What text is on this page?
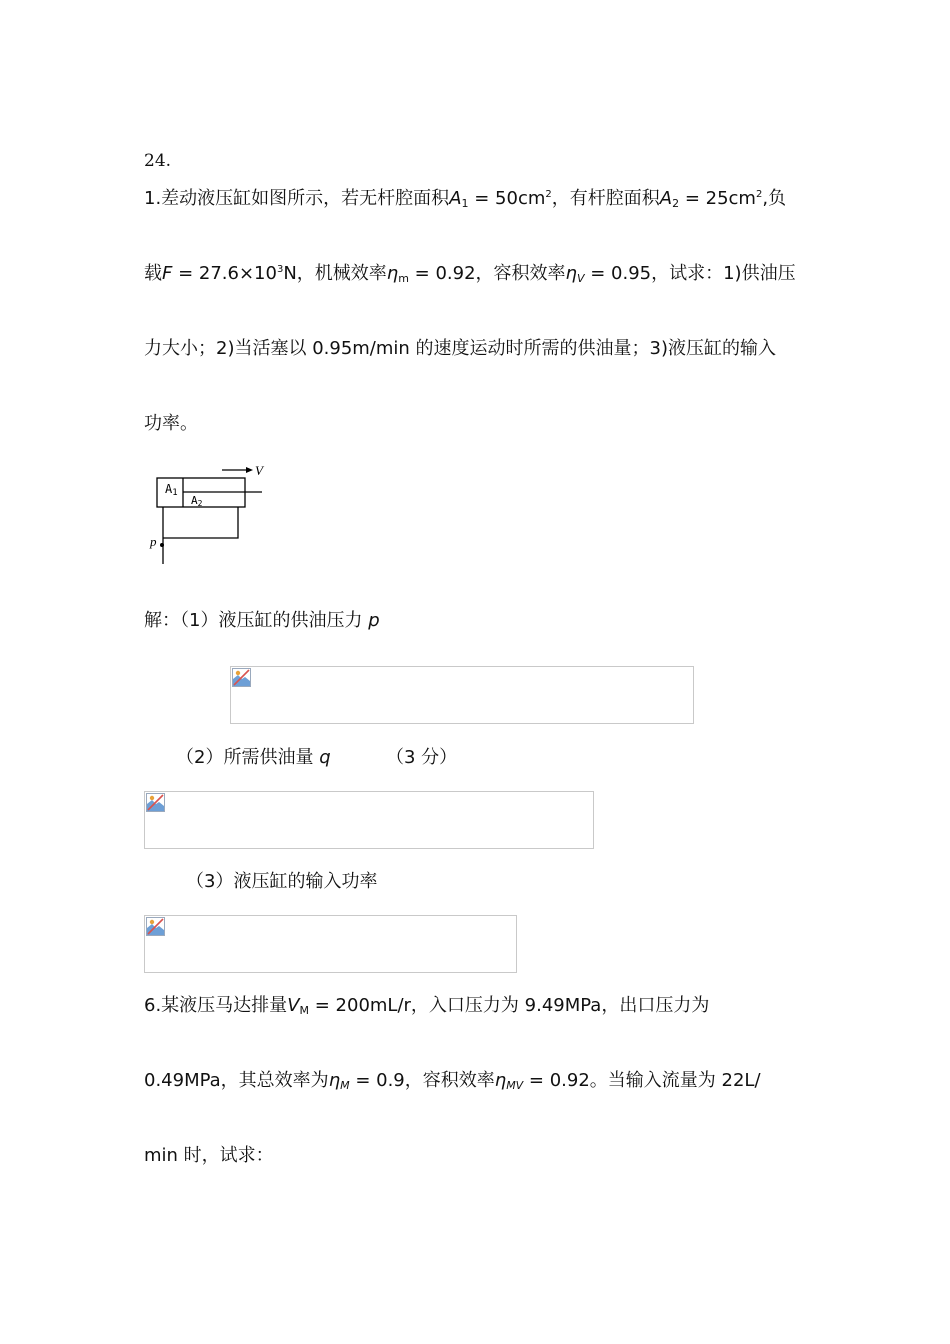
24.
1.差动液压缸如图所示，若无杆腔面积$A_1 = 50cm^2$，有杆腔面积$A_2 = 25cm^2$,负
载$F = 27.6\times 10^3N$，机械效率$\eta_m = 0.92$，容积效率$\eta_V = 0.95$，试求：1)供油压
力大小；2)当活塞以 0.95m/min 的速度运动时所需的供油量；3)液压缸的输入
功率。
V
A1
A2
p
解：（1）液压缸的供油压力 p
（2）所需供油量 q	（3 分）
（3）液压缸的输入功率
6.某液压马达排量$V_M = 200mL/r$，入口压力为 9.49MPa，出口压力为
0.49MPa，其总效率为$\eta_M = 0.9$，容积效率$\eta_{MV} = 0.92$。当输入流量为 22L/
min 时，试求：
